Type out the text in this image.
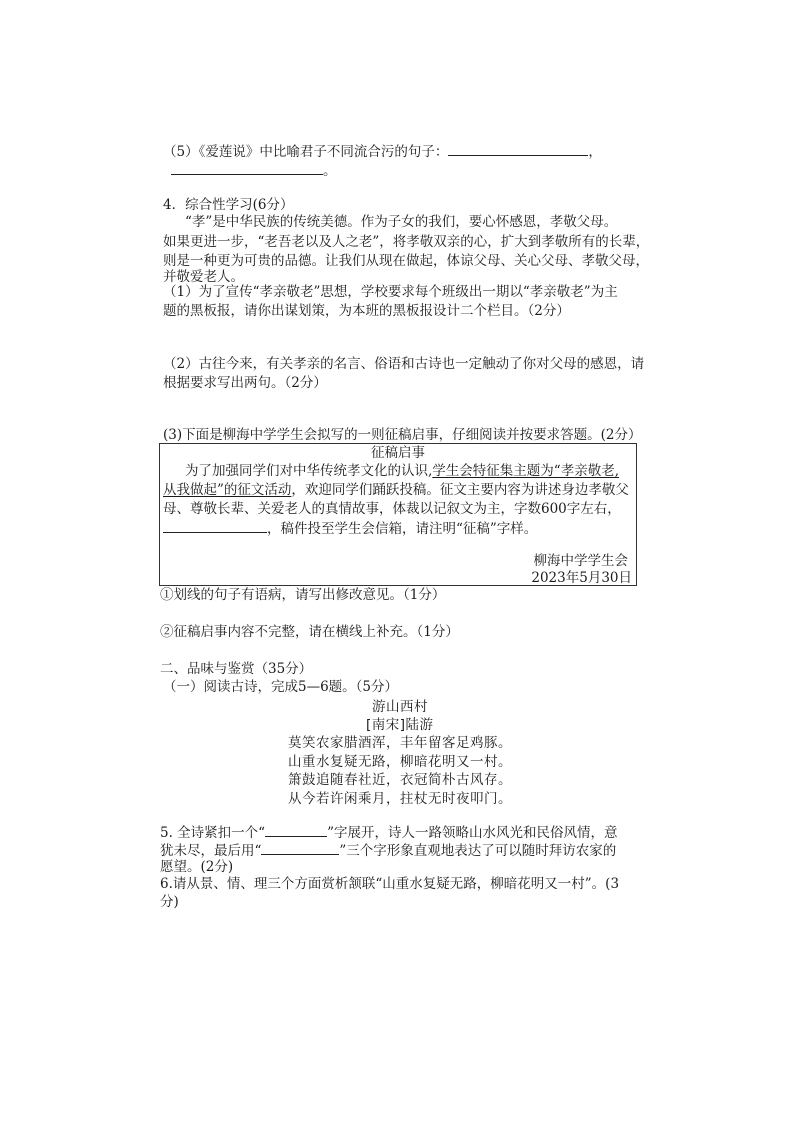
（5）《爱莲说》中比喻君子不同流合污的句子：	，
。
4．综合性学习(6分）
“孝”是中华民族的传统美德。作为子女的我们，要心怀感恩，孝敬父母。
如果更进一步，“老吾老以及人之老”，将孝敬双亲的心，扩大到孝敬所有的长辈，
则是一种更为可贵的品德。让我们从现在做起，体谅父母、关心父母、孝敬父母，
并敬爱老人。
（1）为了宣传“孝亲敬老”思想，学校要求每个班级出一期以“孝亲敬老”为主
题的黑板报，请你出谋划策，为本班的黑板报设计二个栏目。（2分）
（2）古往今来，有关孝亲的名言、俗语和古诗也一定触动了你对父母的感恩，请
根据要求写出两句。（2分）
(3)下面是柳海中学学生会拟写的一则征稿启事，仔细阅读并按要求答题。(2分）
征稿启事
为了加强同学们对中华传统孝文化的认识,学生会特征集主题为“孝亲敬老,
从我做起”的征文活动，欢迎同学们踊跃投稿。征文主要内容为讲述身边孝敬父
母、尊敬长辈、关爱老人的真情故事，体裁以记叙文为主，字数600字左右，
，稿件投至学生会信箱，请注明“征稿”字样。
柳海中学学生会
2023年5月30日
①划线的句子有语病，请写出修改意见。（1分）
②征稿启事内容不完整，请在横线上补充。（1分）
二、品味与鉴赏（35分）
（一）阅读古诗，完成5—6题。（5分）
游山西村
[南宋]陆游
莫笑农家腊酒浑，丰年留客足鸡豚。
山重水复疑无路，柳暗花明又一村。
箫鼓追随春社近，衣冠简朴古风存。
从今若许闲乘月，拄杖无时夜叩门。
5. 全诗紧扣一个“	”字展开，诗人一路领略山水风光和民俗风情，意
犹未尽，最后用“	”三个字形象直观地表达了可以随时拜访农家的
愿望。(2分)
6.请从景、情、理三个方面赏析颔联“山重水复疑无路，柳暗花明又一村”。(3
分)
